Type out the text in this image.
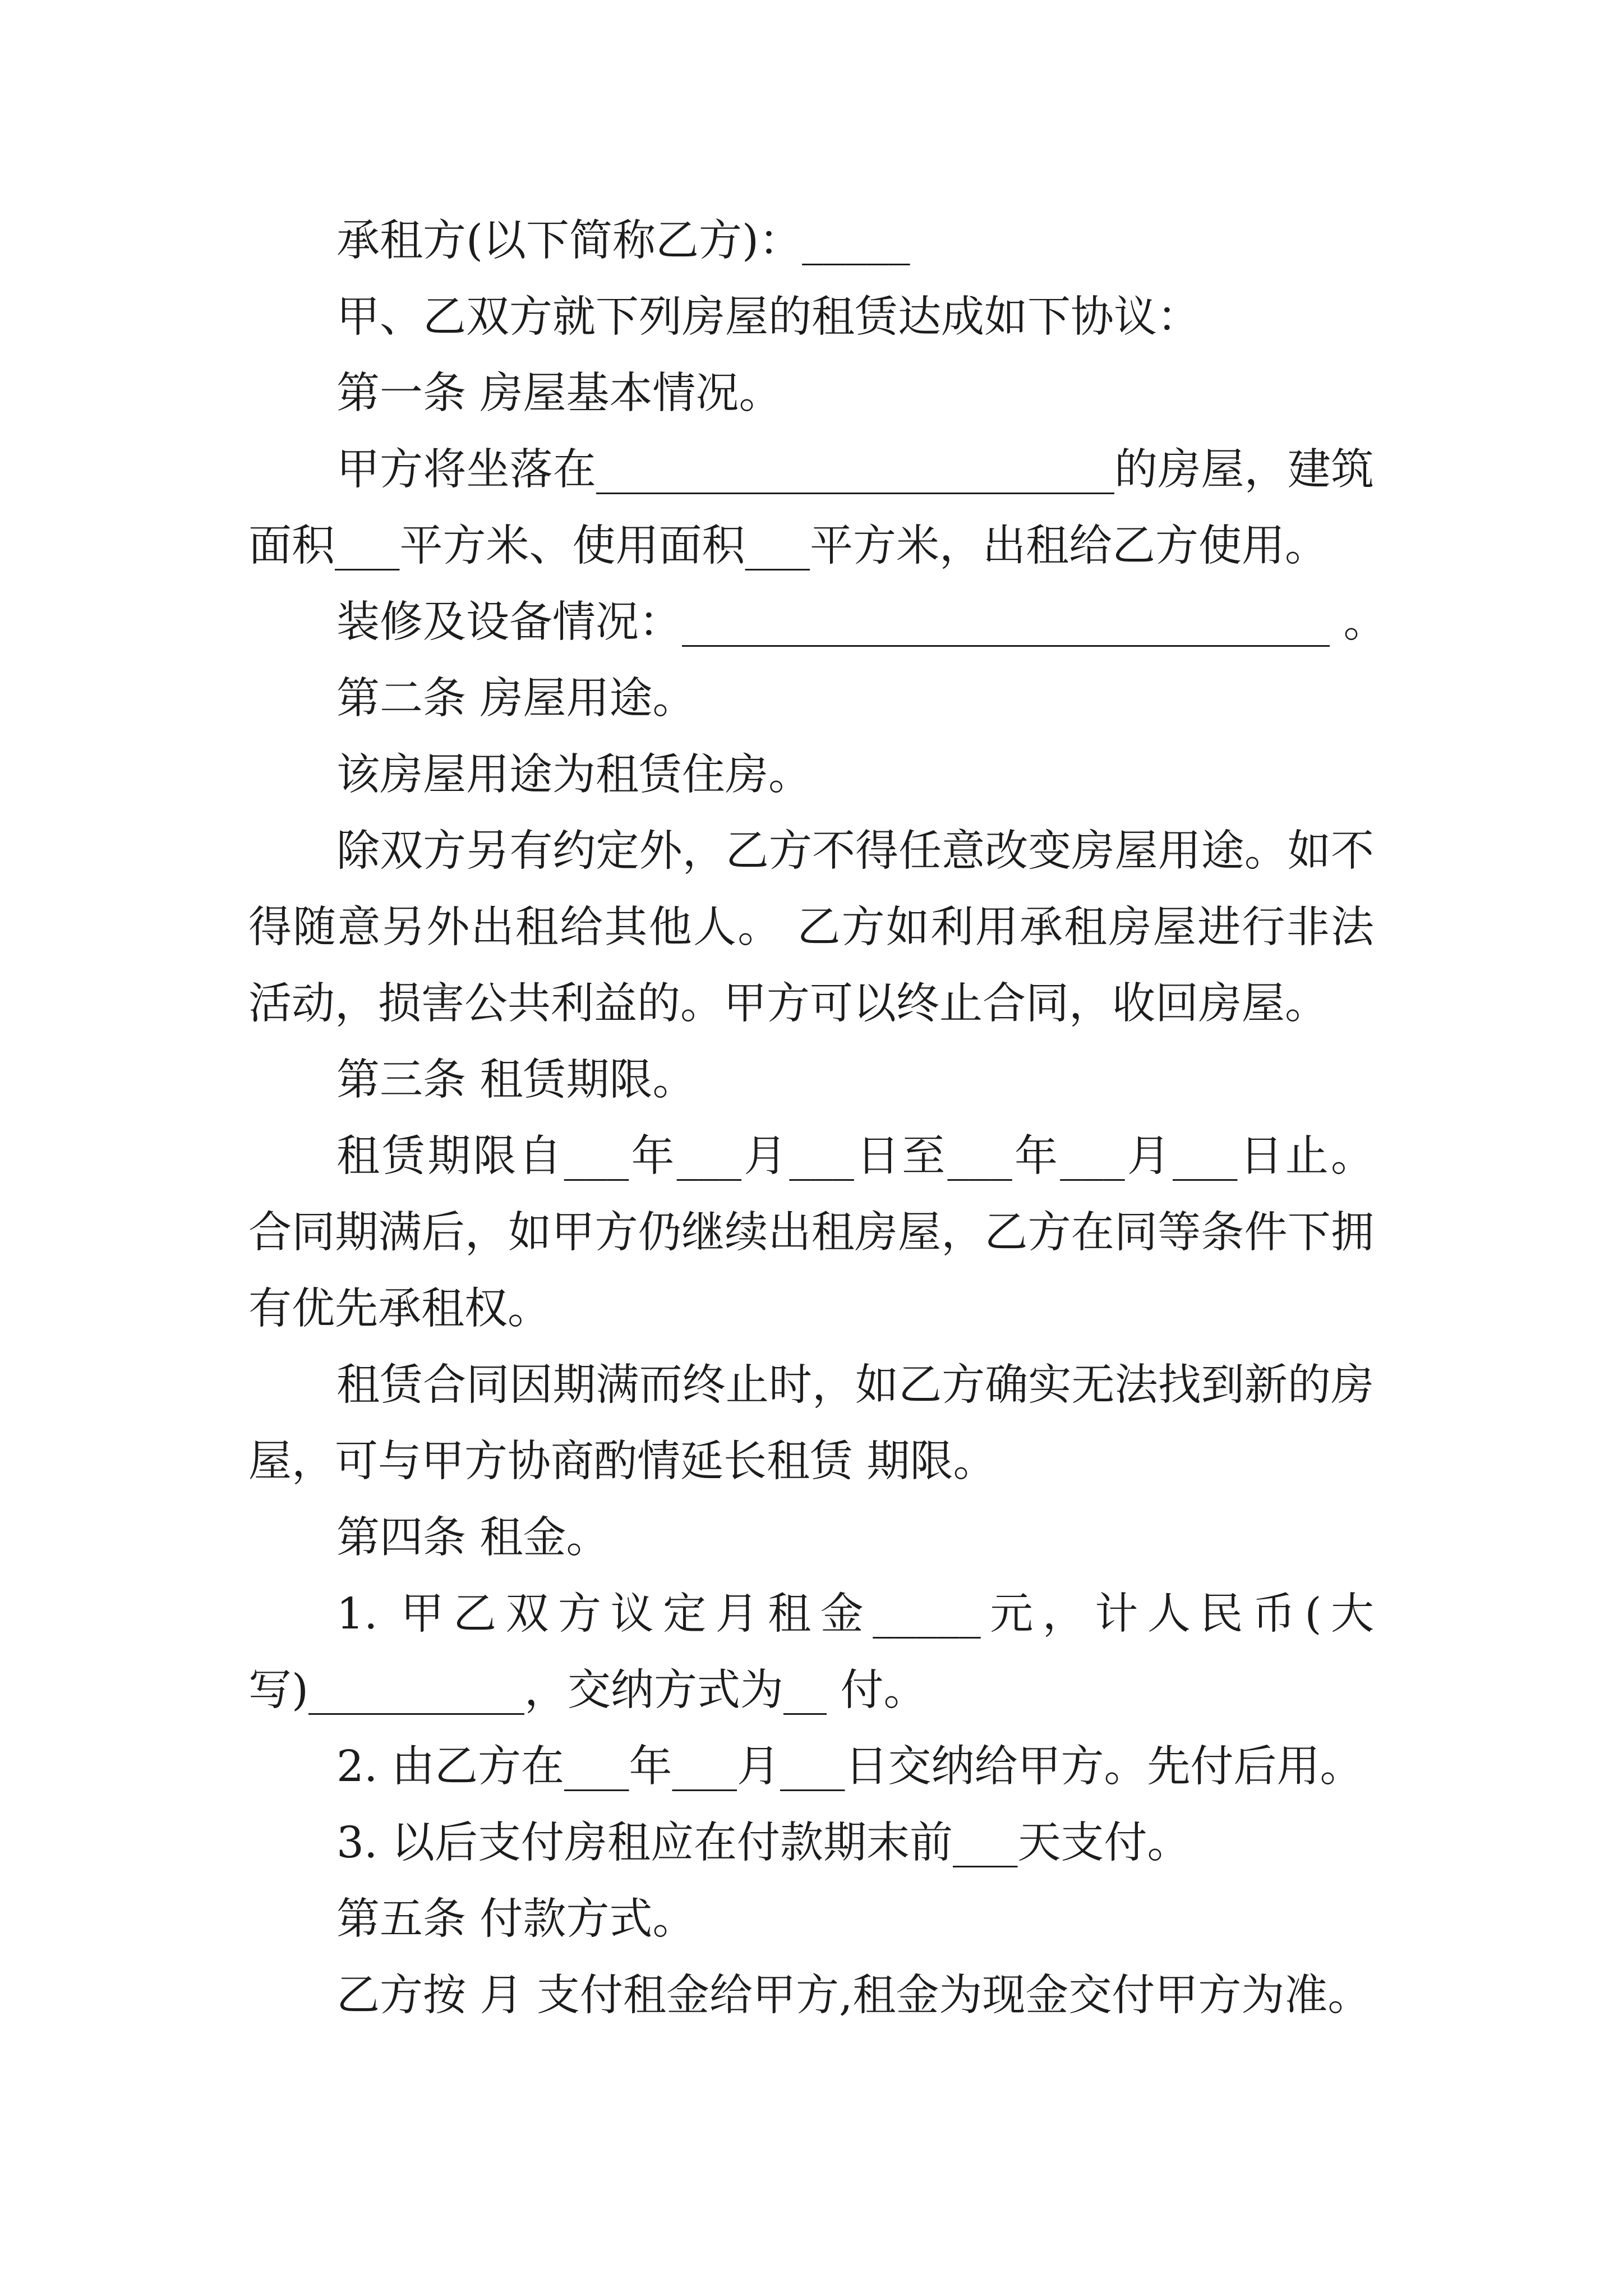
承租方(以下简称乙方)：_____
甲、乙双方就下列房屋的租赁达成如下协议：
第一条 房屋基本情况。
甲方将坐落在________________________的房屋，建筑
面积___平方米、使用面积___平方米，出租给乙方使用。
装修及设备情况：______________________________ 。
第二条 房屋用途。
该房屋用途为租赁住房。
除双方另有约定外，乙方不得任意改变房屋用途。如不
得随意另外出租给其他人。 乙方如利用承租房屋进行非法
活动，损害公共利益的。甲方可以终止合同，收回房屋。
第三条 租赁期限。
租赁期限自___年___月___日至___年___月___日止。
合同期满后，如甲方仍继续出租房屋，乙方在同等条件下拥
有优先承租权。
租赁合同因期满而终止时，如乙方确实无法找到新的房
屋，可与甲方协商酌情延长租赁 期限。
第四条 租金。
1. 甲乙双方议定月租金_____元，计人民币(大
写)__________，交纳方式为__ 付。
2. 由乙方在___年___月___日交纳给甲方。先付后用。
3. 以后支付房租应在付款期末前___天支付。
第五条 付款方式。
乙方按 月 支付租金给甲方,租金为现金交付甲方为准。
